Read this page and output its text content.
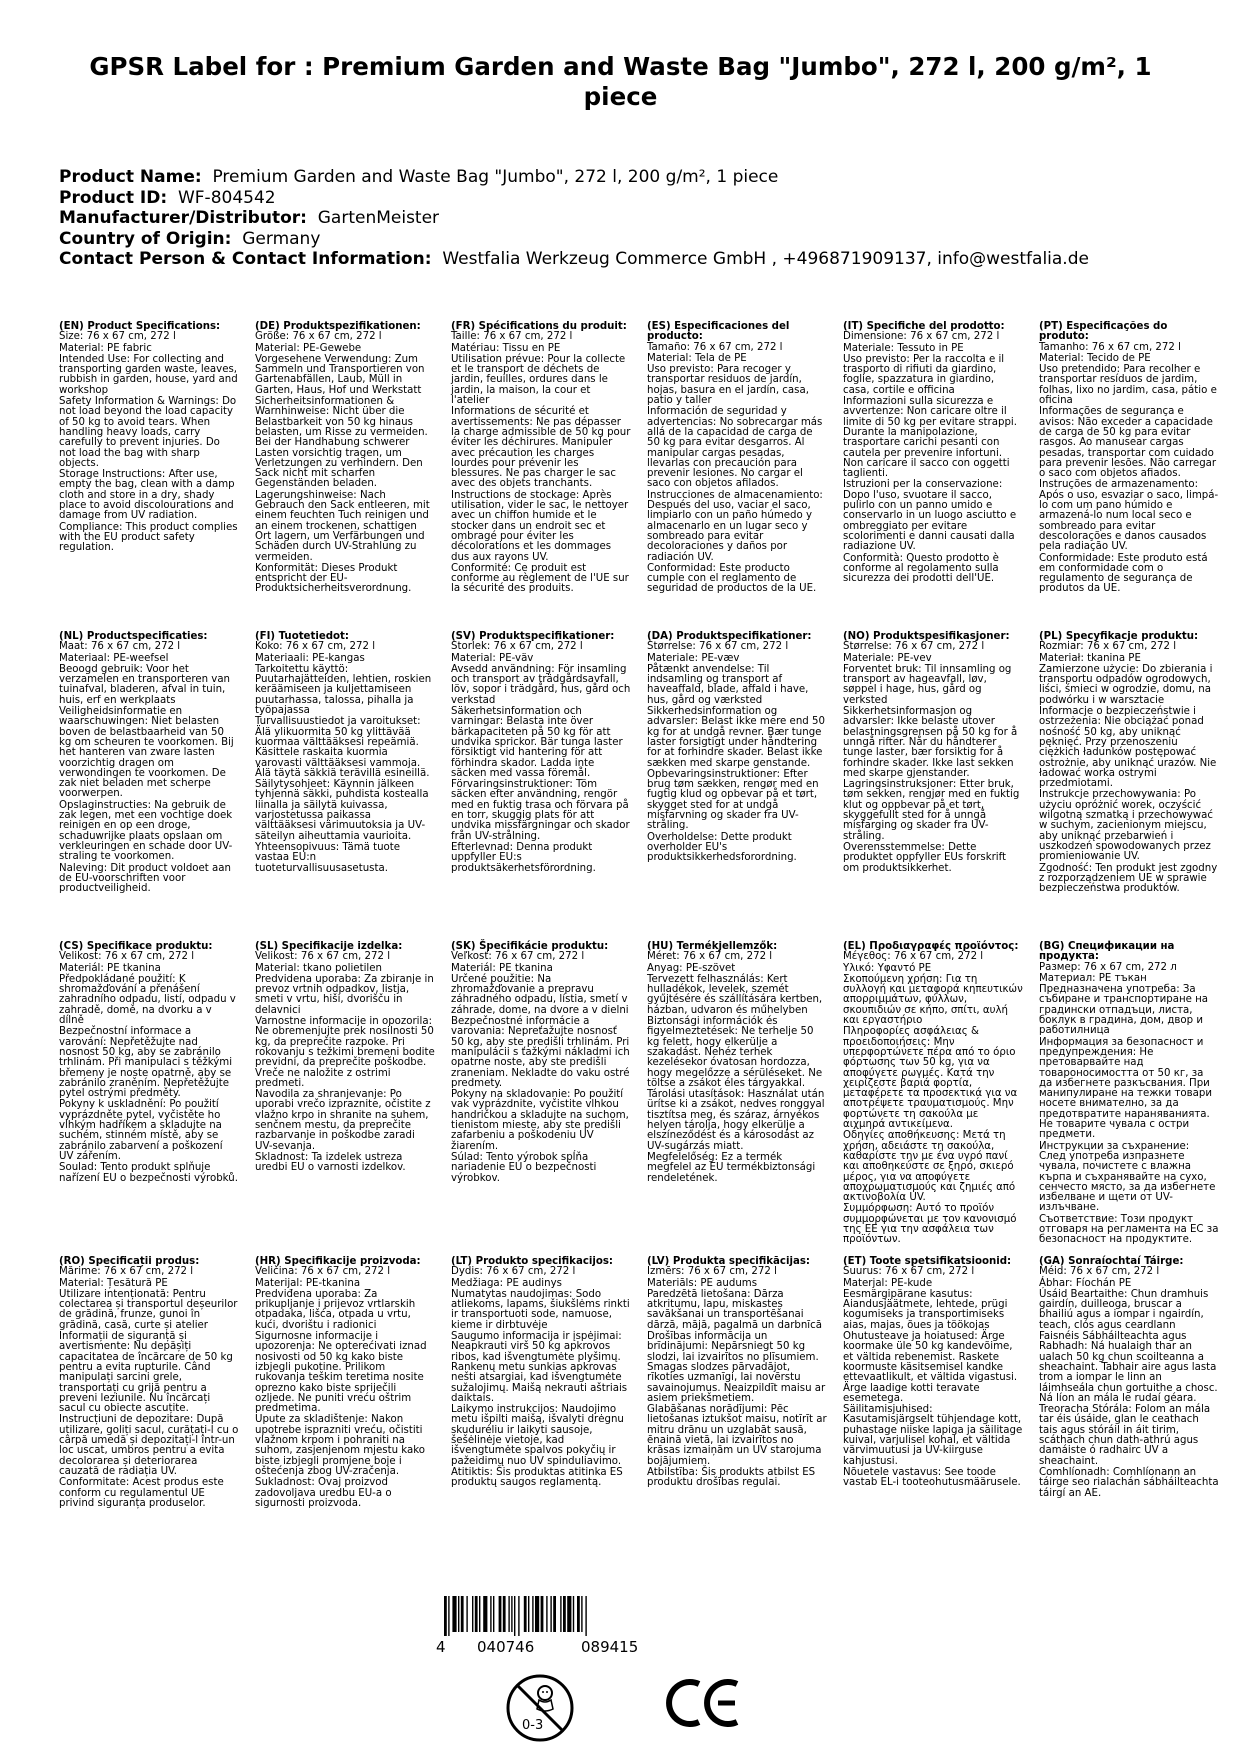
GPSR Label for : Premium Garden and Waste Bag "Jumbo", 272 l, 200 g/m², 1 piece
Product Name: Premium Garden and Waste Bag "Jumbo", 272 l, 200 g/m², 1 piece
Product ID: WF-804542
Manufacturer/Distributor: GartenMeister
Country of Origin: Germany
Contact Person & Contact Information: Westfalia Werkzeug Commerce GmbH , +496871909137, info@westfalia.de
(EN) Product Specifications:

Size: 76 x 67 cm, 272 l

Material: PE fabric

Intended Use: For collecting and transporting garden waste, leaves, rubbish in garden, house, yard and workshop

Safety Information & Warnings: Do not load beyond the load capacity of 50 kg to avoid tears. When handling heavy loads, carry carefully to prevent injuries. Do not load the bag with sharp objects.

Storage Instructions: After use, empty the bag, clean with a damp cloth and store in a dry, shady place to avoid discolourations and damage from UV radiation.

Compliance: This product complies with the EU product safety regulation.

(DE) Produktspezifikationen:

Größe: 76 x 67 cm, 272 l

Material: PE-Gewebe

Vorgesehene Verwendung: Zum Sammeln und Transportieren von Gartenabfällen, Laub, Müll in Garten, Haus, Hof und Werkstatt

Sicherheitsinformationen & Warnhinweise: Nicht über die Belastbarkeit von 50 kg hinaus belasten, um Risse zu vermeiden. Bei der Handhabung schwerer Lasten vorsichtig tragen, um Verletzungen zu verhindern. Den Sack nicht mit scharfen Gegenständen beladen.

Lagerungshinweise: Nach Gebrauch den Sack entleeren, mit einem feuchten Tuch reinigen und an einem trockenen, schattigen Ort lagern, um Verfärbungen und Schäden durch UV-Strahlung zu vermeiden.

Konformität: Dieses Produkt entspricht der EU-Produktsicherheitsverordnung.

(FR) Spécifications du produit:

Taille: 76 x 67 cm, 272 l

Matériau: Tissu en PE

Utilisation prévue: Pour la collecte et le transport de déchets de jardin, feuilles, ordures dans le jardin, la maison, la cour et l'atelier

Informations de sécurité et avertissements: Ne pas dépasser la charge admissible de 50 kg pour éviter les déchirures. Manipuler avec précaution les charges lourdes pour prévenir les blessures. Ne pas charger le sac avec des objets tranchants.

Instructions de stockage: Après utilisation, vider le sac, le nettoyer avec un chiffon humide et le stocker dans un endroit sec et ombragé pour éviter les décolorations et les dommages dus aux rayons UV.

Conformité: Ce produit est conforme au règlement de l'UE sur la sécurité des produits.

(ES) Especificaciones del producto:

Tamaño: 76 x 67 cm, 272 l

Material: Tela de PE

Uso previsto: Para recoger y transportar residuos de jardín, hojas, basura en el jardín, casa, patio y taller

Información de seguridad y advertencias: No sobrecargar más allá de la capacidad de carga de 50 kg para evitar desgarros. Al manipular cargas pesadas, llevarlas con precaución para prevenir lesiones. No cargar el saco con objetos afilados.

Instrucciones de almacenamiento: Después del uso, vaciar el saco, limpiarlo con un paño húmedo y almacenarlo en un lugar seco y sombreado para evitar decoloraciones y daños por radiación UV.

Conformidad: Este producto cumple con el reglamento de seguridad de productos de la UE.

(IT) Specifiche del prodotto:

Dimensione: 76 x 67 cm, 272 l

Materiale: Tessuto in PE

Uso previsto: Per la raccolta e il trasporto di rifiuti da giardino, foglie, spazzatura in giardino, casa, cortile e officina

Informazioni sulla sicurezza e avvertenze: Non caricare oltre il limite di 50 kg per evitare strappi. Durante la manipolazione, trasportare carichi pesanti con cautela per prevenire infortuni. Non caricare il sacco con oggetti taglienti.

Istruzioni per la conservazione: Dopo l'uso, svuotare il sacco, pulirlo con un panno umido e conservarlo in un luogo asciutto e ombreggiato per evitare scolorimenti e danni causati dalla radiazione UV.

Conformità: Questo prodotto è conforme al regolamento sulla sicurezza dei prodotti dell'UE.

(PT) Especificações do produto:

Tamanho: 76 x 67 cm, 272 l

Material: Tecido de PE

Uso pretendido: Para recolher e transportar resíduos de jardim, folhas, lixo no jardim, casa, pátio e oficina

Informações de segurança e avisos: Não exceder a capacidade de carga de 50 kg para evitar rasgos. Ao manusear cargas pesadas, transportar com cuidado para prevenir lesões. Não carregar o saco com objetos afiados.

Instruções de armazenamento: Após o uso, esvaziar o saco, limpá-lo com um pano húmido e armazená-lo num local seco e sombreado para evitar descolorações e danos causados pela radiação UV.

Conformidade: Este produto está em conformidade com o regulamento de segurança de produtos da UE.

(NL) Productspecificaties:

Maat: 76 x 67 cm, 272 l

Materiaal: PE-weefsel

Beoogd gebruik: Voor het verzamelen en transporteren van tuinafval, bladeren, afval in tuin, huis, erf en werkplaats

Veiligheidsinformatie en waarschuwingen: Niet belasten boven de belastbaarheid van 50 kg om scheuren te voorkomen. Bij het hanteren van zware lasten voorzichtig dragen om verwondingen te voorkomen. De zak niet beladen met scherpe voorwerpen.

Opslaginstructies: Na gebruik de zak legen, met een vochtige doek reinigen en op een droge, schaduwrijke plaats opslaan om verkleuringen en schade door UV-straling te voorkomen.

Naleving: Dit product voldoet aan de EU-voorschriften voor productveiligheid.

(FI) Tuotetiedot:

Koko: 76 x 67 cm, 272 l

Materiaali: PE-kangas

Tarkoitettu käyttö: Puutarhajätteiden, lehtien, roskien keräämiseen ja kuljettamiseen puutarhassa, talossa, pihalla ja työpajassa

Turvallisuustiedot ja varoitukset: Älä ylikuormita 50 kg ylittävää kuormaa välttääksesi repeämiä. Käsittele raskaita kuormia varovasti välttääksesi vammoja. Älä täytä säkkiä terävillä esineillä.

Säilytysohjeet: Käynnin jälkeen tyhjennä säkki, puhdista kostealla liinalla ja säilytä kuivassa, varjostetussa paikassa välttääksesi värimuutoksia ja UV-säteilyn aiheuttamia vaurioita.

Yhteensopivuus: Tämä tuote vastaa EU:n tuoteturvallisuusasetusta.

(SV) Produktspecifikationer:

Storlek: 76 x 67 cm, 272 l

Material: PE-väv

Avsedd användning: För insamling och transport av trädgårdsavfall, löv, sopor i trädgård, hus, gård och verkstad

Säkerhetsinformation och varningar: Belasta inte över bärkapaciteten på 50 kg för att undvika sprickor. Bär tunga laster försiktigt vid hantering för att förhindra skador. Ladda inte säcken med vassa föremål.

Förvaringsinstruktioner: Töm säcken efter användning, rengör med en fuktig trasa och förvara på en torr, skuggig plats för att undvika missfärgningar och skador från UV-strålning.

Efterlevnad: Denna produkt uppfyller EU:s produktsäkerhetsförordning.

(DA) Produktspecifikationer:

Størrelse: 76 x 67 cm, 272 l

Materiale: PE-væv

Påtænkt anvendelse: Til indsamling og transport af haveaffald, blade, affald i have, hus, gård og værksted

Sikkerhedsinformation og advarsler: Belast ikke mere end 50 kg for at undgå revner. Bær tunge laster forsigtigt under håndtering for at forhindre skader. Belast ikke sækken med skarpe genstande.

Opbevaringsinstruktioner: Efter brug tøm sækken, rengør med en fugtig klud og opbevar på et tørt, skygget sted for at undgå misfarvning og skader fra UV-stråling.

Overholdelse: Dette produkt overholder EU's produktsikkerhedsforordning.

(NO) Produktspesifikasjoner:

Størrelse: 76 x 67 cm, 272 l

Materiale: PE-vev

Forventet bruk: Til innsamling og transport av hageavfall, løv, søppel i hage, hus, gård og verksted

Sikkerhetsinformasjon og advarsler: Ikke belaste utover belastningsgrensen på 50 kg for å unngå rifter. Når du håndterer tunge laster, bær forsiktig for å forhindre skader. Ikke last sekken med skarpe gjenstander.

Lagringsinstruksjoner: Etter bruk, tøm sekken, rengjør med en fuktig klut og oppbevar på et tørt, skyggefullt sted for å unngå misfarging og skader fra UV-stråling.

Overensstemmelse: Dette produktet oppfyller EUs forskrift om produktsikkerhet.

(PL) Specyfikacje produktu:

Rozmiar: 76 x 67 cm, 272 l

Materiał: tkanina PE

Zamierzone użycie: Do zbierania i transportu odpadów ogrodowych, liści, śmieci w ogrodzie, domu, na podwórku i w warsztacie

Informacje o bezpieczeństwie i ostrzeżenia: Nie obciążać ponad nośność 50 kg, aby uniknąć pęknięć. Przy przenoszeniu ciężkich ładunków postępować ostrożnie, aby uniknąć urazów. Nie ładować worka ostrymi przedmiotami.

Instrukcje przechowywania: Po użyciu opróżnić worek, oczyścić wilgotną szmatką i przechowywać w suchym, zacienionym miejscu, aby uniknąć przebarwień i uszkodzeń spowodowanych przez promieniowanie UV.

Zgodność: Ten produkt jest zgodny z rozporządzeniem UE w sprawie bezpieczeństwa produktów.

(CS) Specifikace produktu:

Velikost: 76 x 67 cm, 272 l

Materiál: PE tkanina

Předpokládané použití: K shromažďování a přenášení zahradního odpadu, listí, odpadu v zahradě, domě, na dvorku a v dílně

Bezpečnostní informace a varování: Nepřetěžujte nad nosnost 50 kg, aby se zabránilo trhlinám. Při manipulaci s těžkými břemeny je noste opatrně, aby se zabránilo zraněním. Nepřetěžujte pytel ostrými předměty.

Pokyny k uskladnění: Po použití vyprázdněte pytel, vyčistěte ho vlhkým hadříkem a skladujte na suchém, stinném místě, aby se zabránilo zabarvení a poškození UV zářením.

Soulad: Tento produkt splňuje nařízení EU o bezpečnosti výrobků.

(SL) Specifikacije izdelka:

Velikost: 76 x 67 cm, 272 l

Material: tkano polietilen

Predvidena uporaba: Za zbiranje in prevoz vrtnih odpadkov, listja, smeti v vrtu, hiši, dvorišču in delavnici

Varnostne informacije in opozorila: Ne obremenjujte prek nosilnosti 50 kg, da preprečite razpoke. Pri rokovanju s težkimi bremeni bodite previdni, da preprečite poškodbe. Vreče ne naložite z ostrimi predmeti.

Navodila za shranjevanje: Po uporabi vrečo izpraznite, očistite z vlažno krpo in shranite na suhem, senčnem mestu, da preprečite razbarvanje in poškodbe zaradi UV-sevanja.

Skladnost: Ta izdelek ustreza uredbi EU o varnosti izdelkov.

(SK) Špecifikácie produktu:

Veľkosť: 76 x 67 cm, 272 l

Materiál: PE tkanina

Určené použitie: Na zhromažďovanie a prepravu záhradného odpadu, lístia, smetí v záhrade, dome, na dvore a v dielni

Bezpečnostné informácie a varovania: Nepreťažujte nosnosť 50 kg, aby ste predišli trhlinám. Pri manipulácii s ťažkými nákladmi ich opatrne noste, aby ste predišli zraneniam. Nekladte do vaku ostré predmety.

Pokyny na skladovanie: Po použití vak vyprázdnite, vyčistite vlhkou handričkou a skladujte na suchom, tienistom mieste, aby ste predišli zafarbeniu a poškodeniu UV žiarením.

Súlad: Tento výrobok spĺňa nariadenie EÚ o bezpečnosti výrobkov.

(HU) Termékjellemzők:

Méret: 76 x 67 cm, 272 l

Anyag: PE-szövet

Tervezett felhasználás: Kert hulladékok, levelek, szemét gyűjtésére és szállítására kertben, házban, udvaron és műhelyben

Biztonsági információk és figyelmeztetések: Ne terhelje 50 kg felett, hogy elkerülje a szakadást. Nehéz terhek kezelésekor óvatosan hordozza, hogy megelőzze a sérüléseket. Ne töltse a zsákot éles tárgyakkal.

Tárolási utasítások: Használat után ürítse ki a zsákot, nedves ronggyal tisztítsa meg, és száraz, árnyékos helyen tárolja, hogy elkerülje a elszíneződést és a károsodást az UV-sugárzás miatt.

Megfelelőség: Ez a termék megfelel az EU termékbiztonsági rendeletének.

(EL) Προδιαγραφές προϊόντος:

Μέγεθος: 76 x 67 cm, 272 l

Υλικό: Υφαντό PE

Σκοπούμενη χρήση: Για τη συλλογή και μεταφορά κηπευτικών απορριμμάτων, φύλλων, σκουπιδιών σε κήπο, σπίτι, αυλή και εργαστήριο

Πληροφορίες ασφάλειας & προειδοποιήσεις: Μην υπερφορτώνετε πέρα από το όριο φόρτωσης των 50 kg, για να αποφύγετε ρωγμές. Κατά την χειρίζεστε βαριά φορτία, μεταφέρετε τα προσεκτικά για να αποτρέψετε τραυματισμούς. Μην φορτώνετε τη σακούλα με αιχμηρά αντικείμενα.

Οδηγίες αποθήκευσης: Μετά τη χρήση, αδειάστε τη σακούλα, καθαρίστε την με ένα υγρό πανί και αποθηκεύστε σε ξηρό, σκιερό μέρος, για να αποφύγετε αποχρωματισμούς και ζημιές από ακτινοβολία UV.

Συμμόρφωση: Αυτό το προϊόν συμμορφώνεται με τον κανονισμό της ΕΕ για την ασφάλεια των προϊόντων.

(BG) Спецификации на продукта:

Размер: 76 x 67 cm, 272 л

Материал: PE тъкан

Предназначена употреба: За събиране и транспортиране на градински отпадъци, листа, боклук в градина, дом, двор и работилница

Информация за безопасност и предупреждения: Не претоварвайте над товароносимостта от 50 кг, за да избегнете разкъсвания. При манипулиране на тежки товари носете внимателно, за да предотвратите нараняванията. Не товарите чувала с остри предмети.

Инструкции за съхранение: След употреба изпразнете чувала, почистете с влажна кърпа и съхранявайте на сухо, сенчесто място, за да избегнете избелване и щети от UV-излъчване.

Съответствие: Този продукт отговаря на регламента на ЕС за безопасност на продуктите.

(RO) Specificații produs:

Mărime: 76 x 67 cm, 272 l

Material: Țesătură PE

Utilizare intenționată: Pentru colectarea și transportul deșeurilor de grădină, frunze, gunoi în grădină, casă, curte și atelier

Informații de siguranță și avertismente: Nu depășiți capacitatea de încărcare de 50 kg pentru a evita rupturile. Când manipulați sarcini grele, transportați cu grijă pentru a preveni leziunile. Nu încărcați sacul cu obiecte ascuțite.

Instrucțiuni de depozitare: După utilizare, goliți sacul, curățați-l cu o cârpă umedă și depozitați-l într-un loc uscat, umbros pentru a evita decolorarea și deteriorarea cauzată de radiația UV.

Conformitate: Acest produs este conform cu regulamentul UE privind siguranța produselor.

(HR) Specifikacije proizvoda:

Veličina: 76 x 67 cm, 272 l

Materijal: PE-tkanina

Predviđena uporaba: Za prikupljanje i prijevoz vrtlarskih otpadaka, lišća, otpada u vrtu, kući, dvorištu i radionici

Sigurnosne informacije i upozorenja: Ne opterećivati iznad nosivosti od 50 kg kako biste izbjegli pukotine. Prilikom rukovanja teškim teretima nosite oprezno kako biste spriječili ozljede. Ne puniti vreću oštrim predmetima.

Upute za skladištenje: Nakon upotrebe isprazniti vreću, očistiti vlažnom krpom i pohraniti na suhom, zasjenjenom mjestu kako biste izbjegli promjene boje i oštećenja zbog UV-zračenja.

Sukladnost: Ovaj proizvod zadovoljava uredbu EU-a o sigurnosti proizvoda.

(LT) Produkto specifikacijos:

Dydis: 76 x 67 cm, 272 l

Medžiaga: PE audinys

Numatytas naudojimas: Sodo atliekoms, lapams, šiukšlėms rinkti ir transportuoti sode, namuose, kieme ir dirbtuvėje

Saugumo informacija ir įspėjimai: Neapkrauti virš 50 kg apkrovos ribos, kad išvengtumėte plyšimų. Rankenų metu sunkias apkrovas nešti atsargiai, kad išvengtumėte sužalojimų. Maišą nekrauti aštriais daiktais.

Laikymo instrukcijos: Naudojimo metu išpilti maišą, išvalyti drėgnu skuduréliu ir laikyti sausoje, šešėlinėje vietoje, kad išvengtumėte spalvos pokyčių ir pažeidimų nuo UV spinduliavimo.

Atitiktis: Šis produktas atitinka ES produktų saugos reglamentą.

(LV) Produkta specifikācijas:

Izmērs: 76 x 67 cm, 272 l

Materiāls: PE audums

Paredzētā lietošana: Dārza atkritumu, lapu, miskastes savākšanai un transportēšanai dārzā, mājā, pagalmā un darbnīcā

Drošības informācija un brīdinājumi: Nepārsniegt 50 kg slodzi, lai izvairītos no plīsumiem. Smagas slodzes pārvadājot, rīkoties uzmanīgi, lai novērstu savainojumus. Neaizpildīt maisu ar asiem priekšmetiem.

Glabāšanas norādījumi: Pēc lietošanas iztukšot maisu, notīrīt ar mitru drānu un uzglabāt sausā, ēnainā vietā, lai izvairītos no krāsas izmaiņām un UV starojuma bojājumiem.

Atbilstība: Šis produkts atbilst ES produktu drošības regulai.

(ET) Toote spetsifikatsioonid:

Suurus: 76 x 67 cm, 272 l

Materjal: PE-kude

Eesmärgipärane kasutus: Aiandusjäätmete, lehtede, prügi kogumiseks ja transportimiseks aias, majas, õues ja töökojas

Ohutusteave ja hoiatused: Ärge koormake üle 50 kg kandevõime, et vältida rebenemist. Raskete koormuste käsitsemisel kandke ettevaatlikult, et vältida vigastusi. Ärge laadige kotti teravate esemetega.

Säilitamisjuhised: Kasutamisjärgselt tühjendage kott, puhastage niiske lapiga ja säilitage kuival, varjulisel kohal, et vältida värvimuutusi ja UV-kiirguse kahjustusi.

Nõuetele vastavus: See toode vastab EL-i tooteohutusmäärusele.

(GA) Sonraíochtaí Táirge:

Méid: 76 x 67 cm, 272 l

Ábhar: Fíochán PE

Úsáid Beartaithe: Chun dramhuis gairdín, duilleoga, bruscar a bhailiú agus a iompar i ngairdín, teach, clós agus ceardlann

Faisnéis Sábháilteachta agus Rabhadh: Ná hualaigh thar an ualach 50 kg chun scoilteanna a sheachaint. Tabhair aire agus lasta trom a iompar le linn an láimhseála chun gortuithe a chosc. Ná líon an mála le rudaí géara.

Treoracha Stórála: Folom an mála tar éis úsáide, glan le ceathach tais agus stóráil in áit tirim, scáthach chun dath-athrú agus damáiste ó radhairc UV a sheachaint.

Comhlíonadh: Comhlíonann an táirge seo rialachán sábháilteachta táirgí an AE.

4 040746	089415
0-3
